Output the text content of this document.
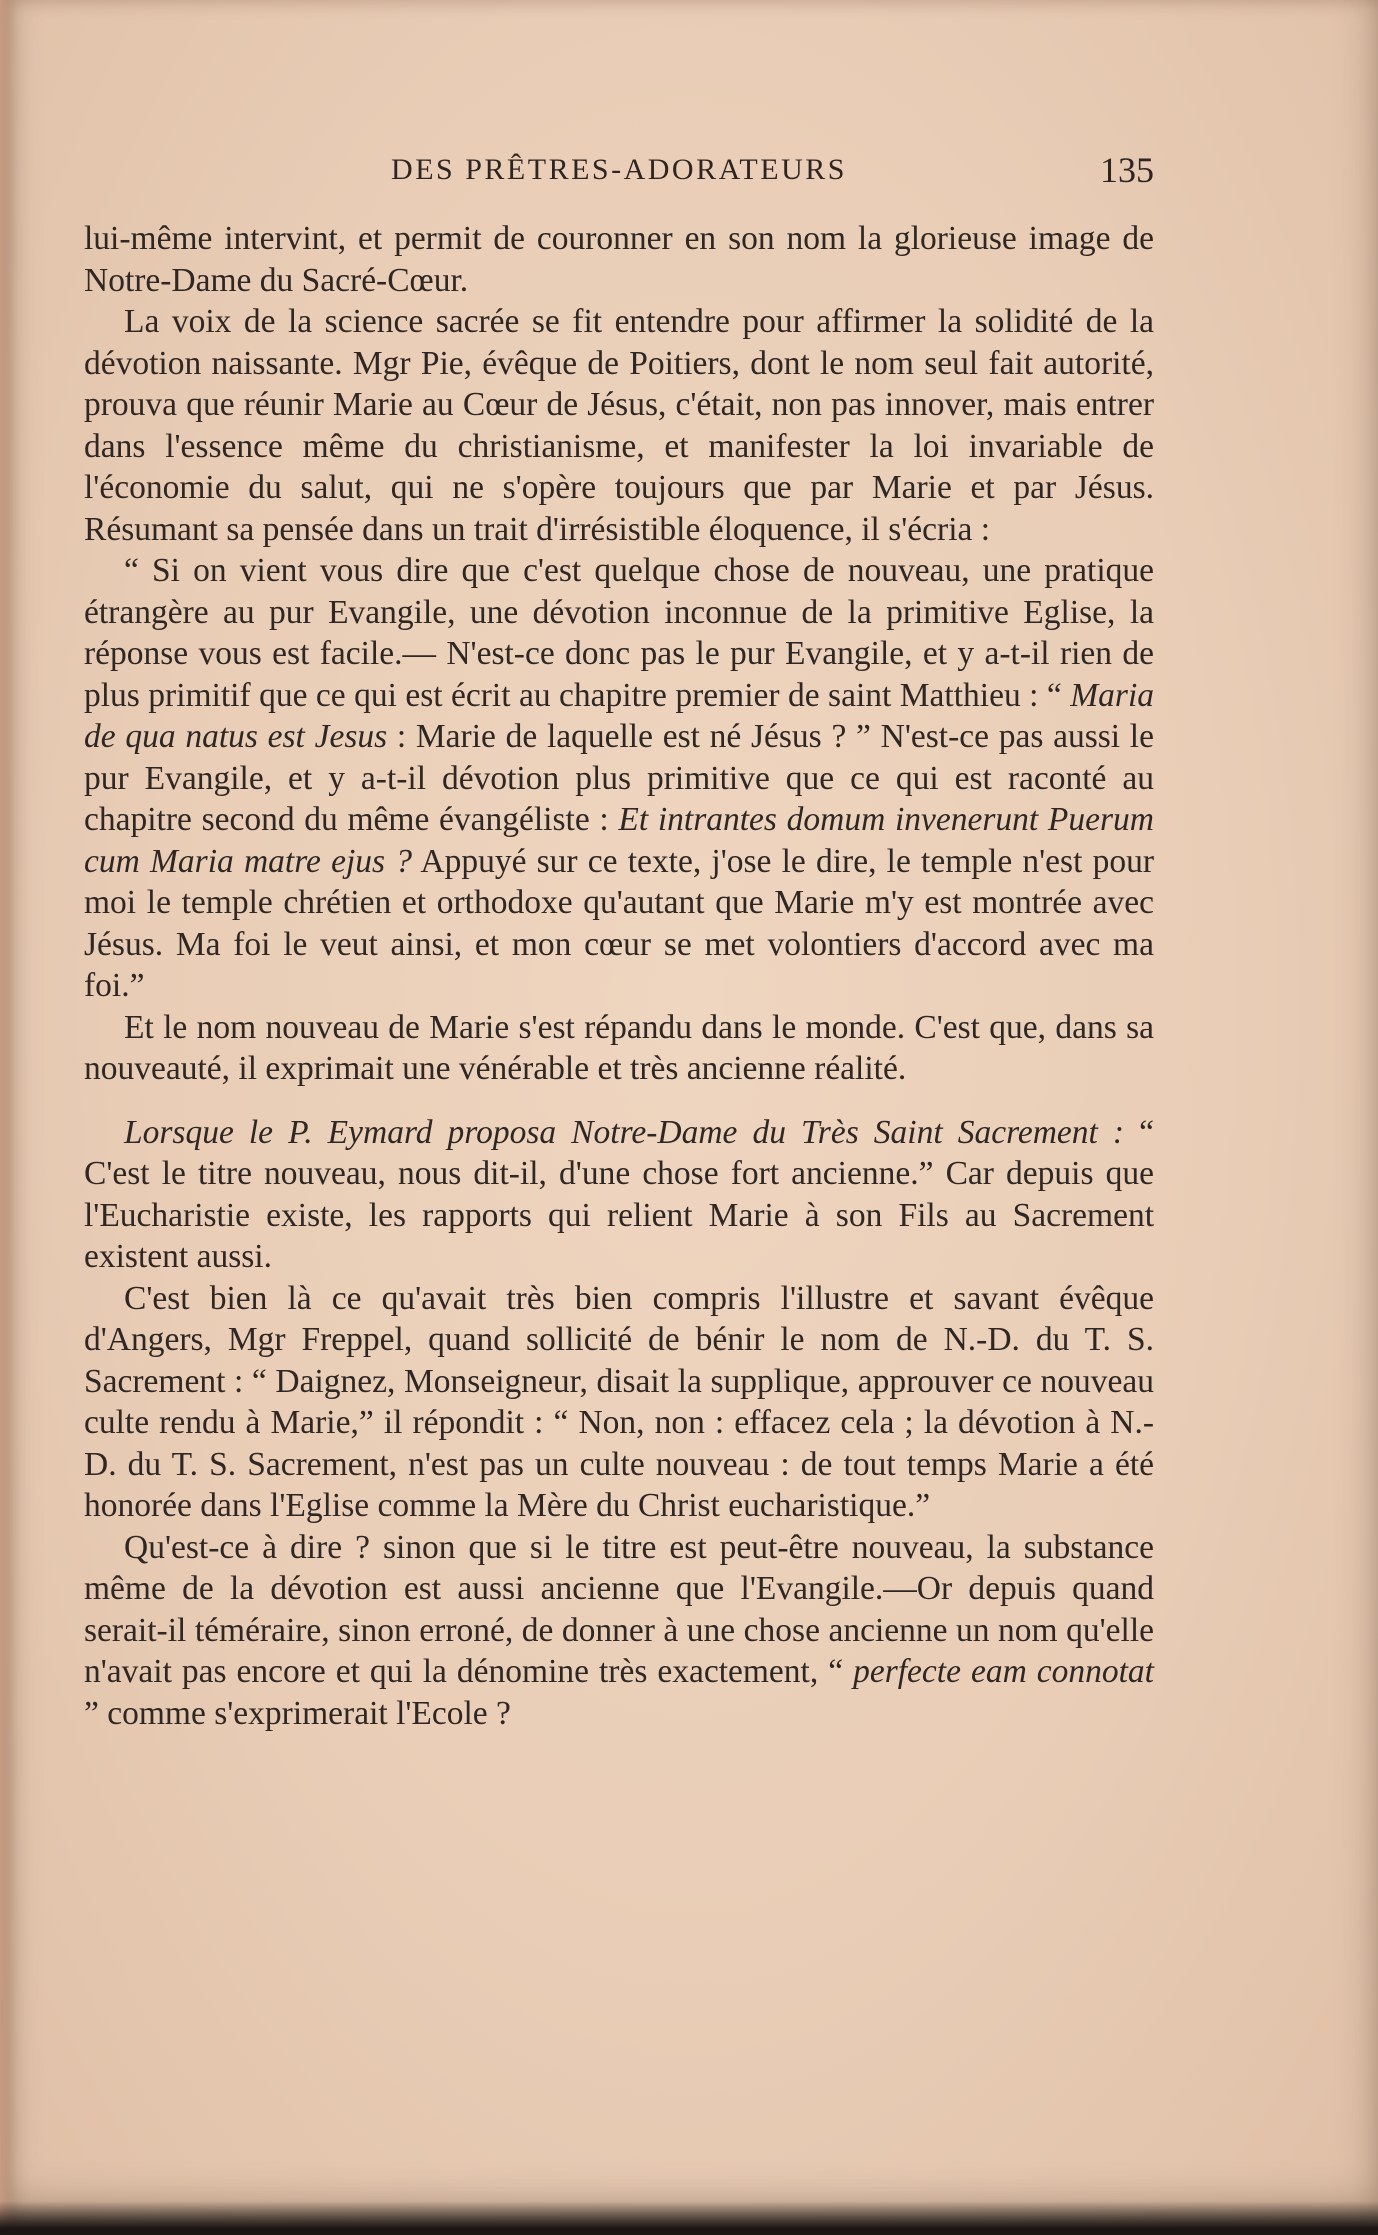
DES PRÊTRES-ADORATEURS	135

lui-même intervint, et permit de couronner en son nom la glorieuse image de Notre-Dame du Sacré-Cœur.

La voix de la science sacrée se fit entendre pour affirmer la solidité de la dévotion naissante. Mgr Pie, évêque de Poitiers, dont le nom seul fait autorité, prouva que réunir Marie au Cœur de Jésus, c'était, non pas innover, mais entrer dans l'essence même du christianisme, et manifester la loi invariable de l'économie du salut, qui ne s'opère toujours que par Marie et par Jésus. Résumant sa pensée dans un trait d'irrésistible éloquence, il s'écria :

“ Si on vient vous dire que c'est quelque chose de nouveau, une pratique étrangère au pur Evangile, une dévotion inconnue de la primitive Eglise, la réponse vous est facile.— N'est-ce donc pas le pur Evangile, et y a-t-il rien de plus primitif que ce qui est écrit au chapitre premier de saint Matthieu : “ Maria de qua natus est Jesus : Marie de laquelle est né Jésus ? ” N'est-ce pas aussi le pur Evangile, et y a-t-il dévotion plus primitive que ce qui est raconté au chapitre second du même évangéliste : Et intrantes domum invenerunt Puerum cum Maria matre ejus ? Appuyé sur ce texte, j'ose le dire, le temple n'est pour moi le temple chrétien et orthodoxe qu'autant que Marie m'y est montrée avec Jésus. Ma foi le veut ainsi, et mon cœur se met volontiers d'accord avec ma foi.”

Et le nom nouveau de Marie s'est répandu dans le monde. C'est que, dans sa nouveauté, il exprimait une vénérable et très ancienne réalité.

Lorsque le P. Eymard proposa Notre-Dame du Très Saint Sacrement : “ C'est le titre nouveau, nous dit-il, d'une chose fort ancienne.” Car depuis que l'Eucharistie existe, les rapports qui relient Marie à son Fils au Sacrement existent aussi.

C'est bien là ce qu'avait très bien compris l'illustre et savant évêque d'Angers, Mgr Freppel, quand sollicité de bénir le nom de N.-D. du T. S. Sacrement : “ Daignez, Monseigneur, disait la supplique, approuver ce nouveau culte rendu à Marie,” il répondit : “ Non, non : effacez cela ; la dévotion à N.-D. du T. S. Sacrement, n'est pas un culte nouveau : de tout temps Marie a été honorée dans l'Eglise comme la Mère du Christ eucharistique.”

Qu'est-ce à dire ? sinon que si le titre est peut-être nouveau, la substance même de la dévotion est aussi ancienne que l'Evangile.—Or depuis quand serait-il téméraire, sinon erroné, de donner à une chose ancienne un nom qu'elle n'avait pas encore et qui la dénomine très exactement, “ perfecte eam connotat ” comme s'exprimerait l'Ecole ?
